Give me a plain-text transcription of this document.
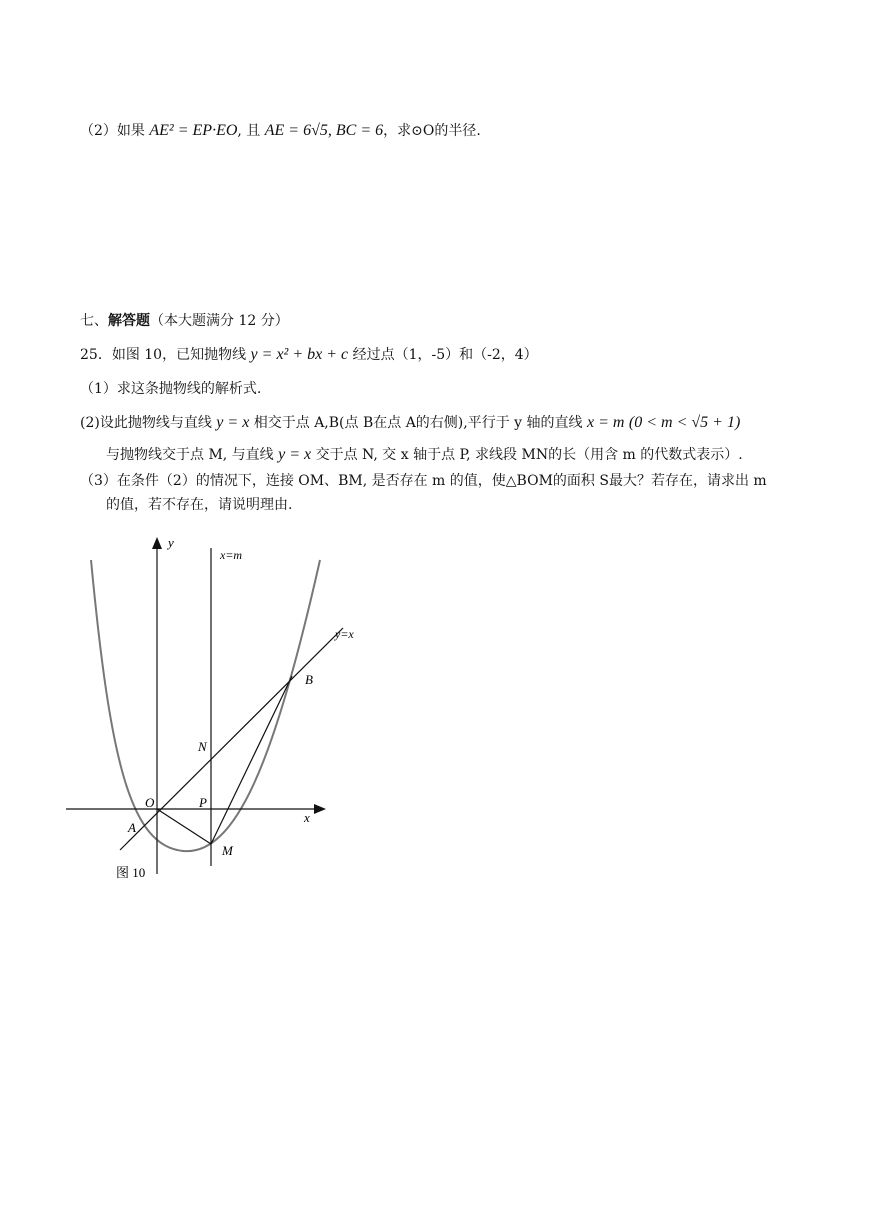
（2）如果 AE² = EP·EO, 且 AE = 6√5, BC = 6，求⊙O的半径.
七、解答题（本大题满分 12 分）
25．如图 10，已知抛物线 y = x² + bx + c 经过点（1，-5）和（-2，4）
（1）求这条抛物线的解析式.
(2)设此抛物线与直线 y = x 相交于点 A,B(点 B在点 A的右侧),平行于 y 轴的直线 x = m (0 < m < √5 + 1)
与抛物线交于点 M, 与直线 y = x 交于点 N, 交 x 轴于点 P, 求线段 MN的长（用含 m 的代数式表示）.
（3）在条件（2）的情况下，连接 OM、BM, 是否存在 m 的值，使△BOM的面积 S最大？若存在，请求出 m
的值，若不存在，请说明理由.
y
x=m
y=x
B
N
O	P
x
A
M
图 10
